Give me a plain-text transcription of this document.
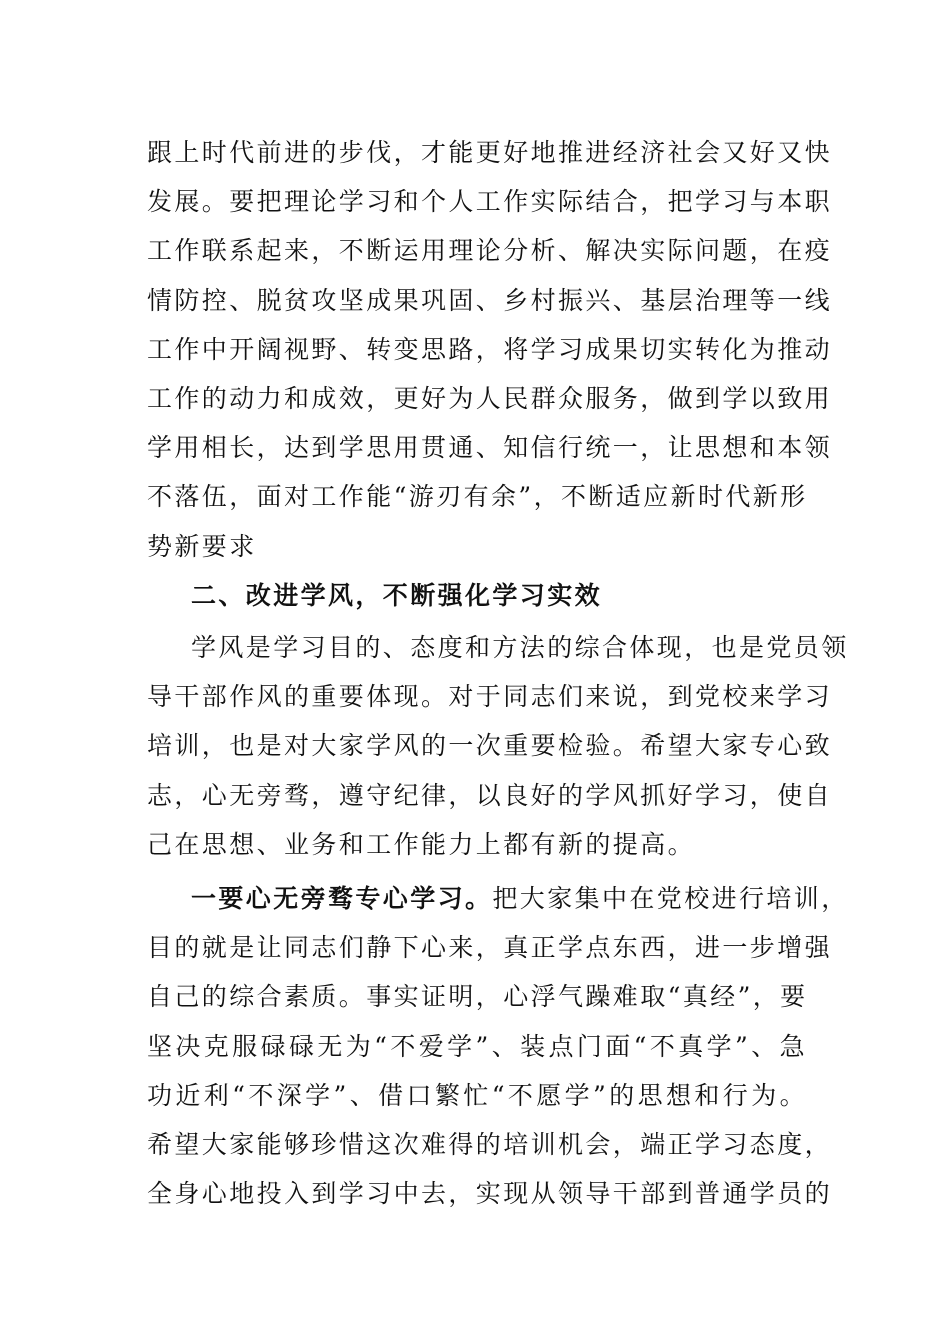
跟上时代前进的步伐，才能更好地推进经济社会又好又快
发展。要把理论学习和个人工作实际结合，把学习与本职
工作联系起来，不断运用理论分析、解决实际问题，在疫
情防控、脱贫攻坚成果巩固、乡村振兴、基层治理等一线
工作中开阔视野、转变思路，将学习成果切实转化为推动
工作的动力和成效，更好为人民群众服务，做到学以致用
学用相长，达到学思用贯通、知信行统一，让思想和本领
不落伍，面对工作能“游刃有余”，不断适应新时代新形
势新要求
二、改进学风，不断强化学习实效
学风是学习目的、态度和方法的综合体现，也是党员领
导干部作风的重要体现。对于同志们来说，到党校来学习
培训，也是对大家学风的一次重要检验。希望大家专心致
志，心无旁骛，遵守纪律，以良好的学风抓好学习，使自
己在思想、业务和工作能力上都有新的提高。
一要心无旁骛专心学习。把大家集中在党校进行培训，
目的就是让同志们静下心来，真正学点东西，进一步增强
自己的综合素质。事实证明，心浮气躁难取“真经”，要
坚决克服碌碌无为“不爱学”、装点门面“不真学”、急
功近利“不深学”、借口繁忙“不愿学”的思想和行为。
希望大家能够珍惜这次难得的培训机会，端正学习态度，
全身心地投入到学习中去，实现从领导干部到普通学员的
